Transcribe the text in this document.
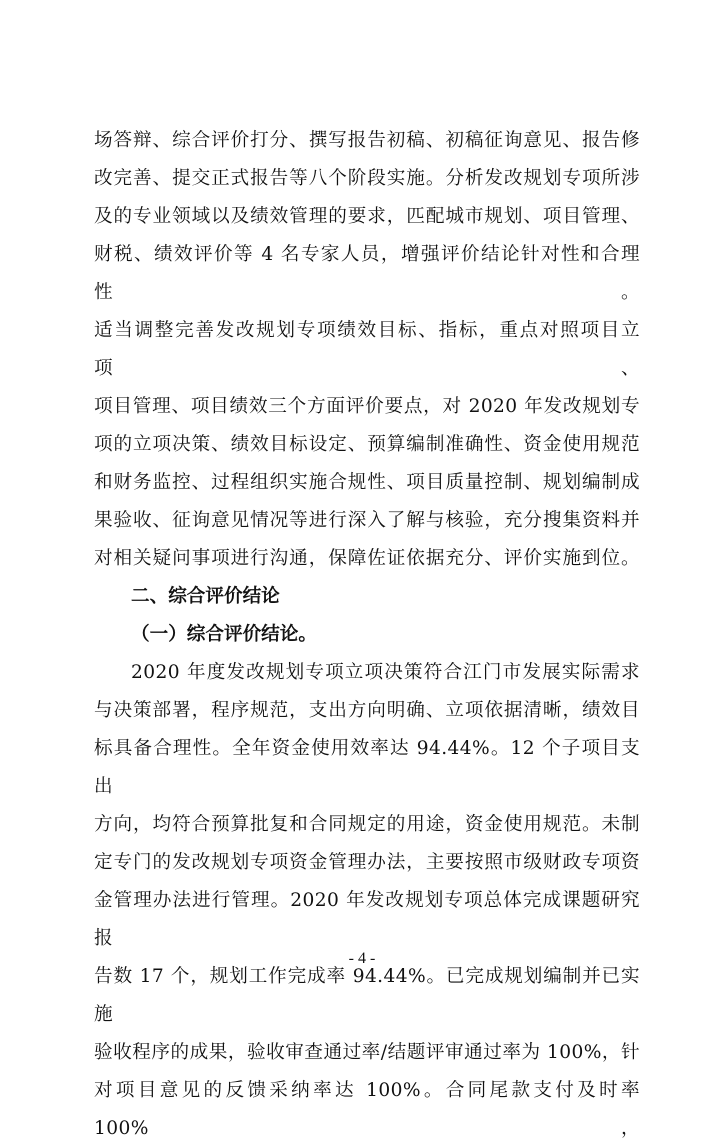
场答辩、综合评价打分、撰写报告初稿、初稿征询意见、报告修
改完善、提交正式报告等八个阶段实施。分析发改规划专项所涉
及的专业领域以及绩效管理的要求，匹配城市规划、项目管理、
财税、绩效评价等 4 名专家人员，增强评价结论针对性和合理性。
适当调整完善发改规划专项绩效目标、指标，重点对照项目立项、
项目管理、项目绩效三个方面评价要点，对 2020 年发改规划专
项的立项决策、绩效目标设定、预算编制准确性、资金使用规范
和财务监控、过程组织实施合规性、项目质量控制、规划编制成
果验收、征询意见情况等进行深入了解与核验，充分搜集资料并
对相关疑问事项进行沟通，保障佐证依据充分、评价实施到位。

二、综合评价结论

（一）综合评价结论。

2020 年度发改规划专项立项决策符合江门市发展实际需求
与决策部署，程序规范，支出方向明确、立项依据清晰，绩效目
标具备合理性。全年资金使用效率达 94.44%。12 个子项目支出
方向，均符合预算批复和合同规定的用途，资金使用规范。未制
定专门的发改规划专项资金管理办法，主要按照市级财政专项资
金管理办法进行管理。2020 年发改规划专项总体完成课题研究报
告数 17 个，规划工作完成率 94.44%。已完成规划编制并已实施
验收程序的成果，验收审查通过率/结题评审通过率为 100%，针
对项目意见的反馈采纳率达 100%。合同尾款支付及时率 100%，
- 4 -
